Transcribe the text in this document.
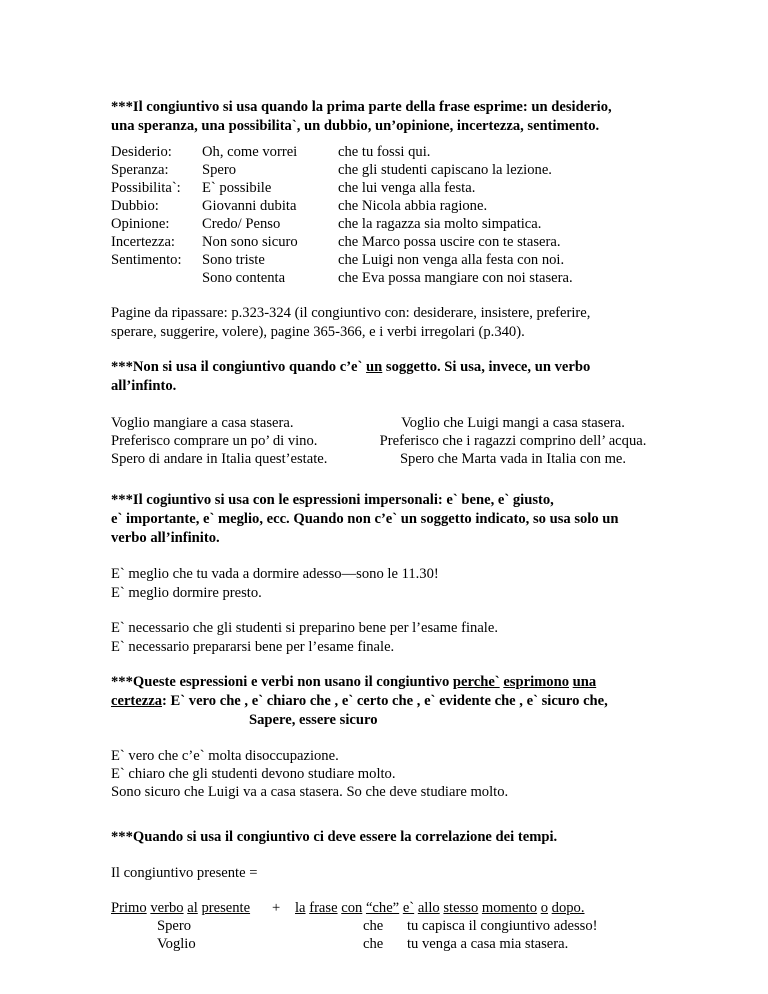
***Il congiuntivo si usa quando la prima parte della frase esprime: un desiderio,
una speranza, una possibilita`, un dubbio, un’opinione, incertezza, sentimento.
Desiderio:
Speranza:
Possibilita`:
Dubbio:
Opinione:
Incertezza:
Sentimento:
Oh, come vorrei
Spero
E` possibile
Giovanni dubita
Credo/ Penso
Non sono sicuro
Sono triste
Sono contenta
che tu fossi qui.
che gli studenti capiscano la lezione.
che lui venga alla festa.
che Nicola abbia ragione.
che la ragazza sia molto simpatica.
che Marco possa uscire con te stasera.
che Luigi non venga alla festa con noi.
che Eva possa mangiare con noi stasera.
Pagine da ripassare: p.323-324 (il congiuntivo con: desiderare, insistere, preferire,
sperare, suggerire, volere), pagine 365-366, e i verbi irregolari (p.340).
***Non si usa il congiuntivo quando c’e` un soggetto. Si usa, invece, un verbo
all’infinto.
Voglio mangiare a casa stasera.
Preferisco comprare un po’ di vino.
Spero di andare in Italia quest’estate.
Voglio che Luigi mangi a casa stasera.
Preferisco che i ragazzi comprino dell’ acqua.
Spero che Marta vada in Italia con me.
***Il cogiuntivo si usa con le espressioni impersonali: e` bene, e` giusto,
e` importante, e` meglio, ecc. Quando non c’e` un soggetto indicato, so usa solo un
verbo all’infinito.
E` meglio che tu vada a dormire adesso—sono le 11.30!
E` meglio dormire presto.
E` necessario che gli studenti si preparino bene per l’esame finale.
E` necessario prepararsi bene per l’esame finale.
***Queste espressioni e verbi non usano il congiuntivo perche` esprimono una
certezza: E` vero che , e` chiaro che , e` certo che , e` evidente che , e` sicuro che,
Sapere, essere sicuro
E` vero che c’e` molta disoccupazione.
E` chiaro che gli studenti devono studiare molto.
Sono sicuro che Luigi va a casa stasera. So che deve studiare molto.
***Quando si usa il congiuntivo ci deve essere la correlazione dei tempi.
Il congiuntivo presente =
Primo verbo al presente + la frase con “che” e` allo stesso momento o dopo.
Spero	che tu capisca il congiuntivo adesso!
Voglio	che tu venga a casa mia stasera.
